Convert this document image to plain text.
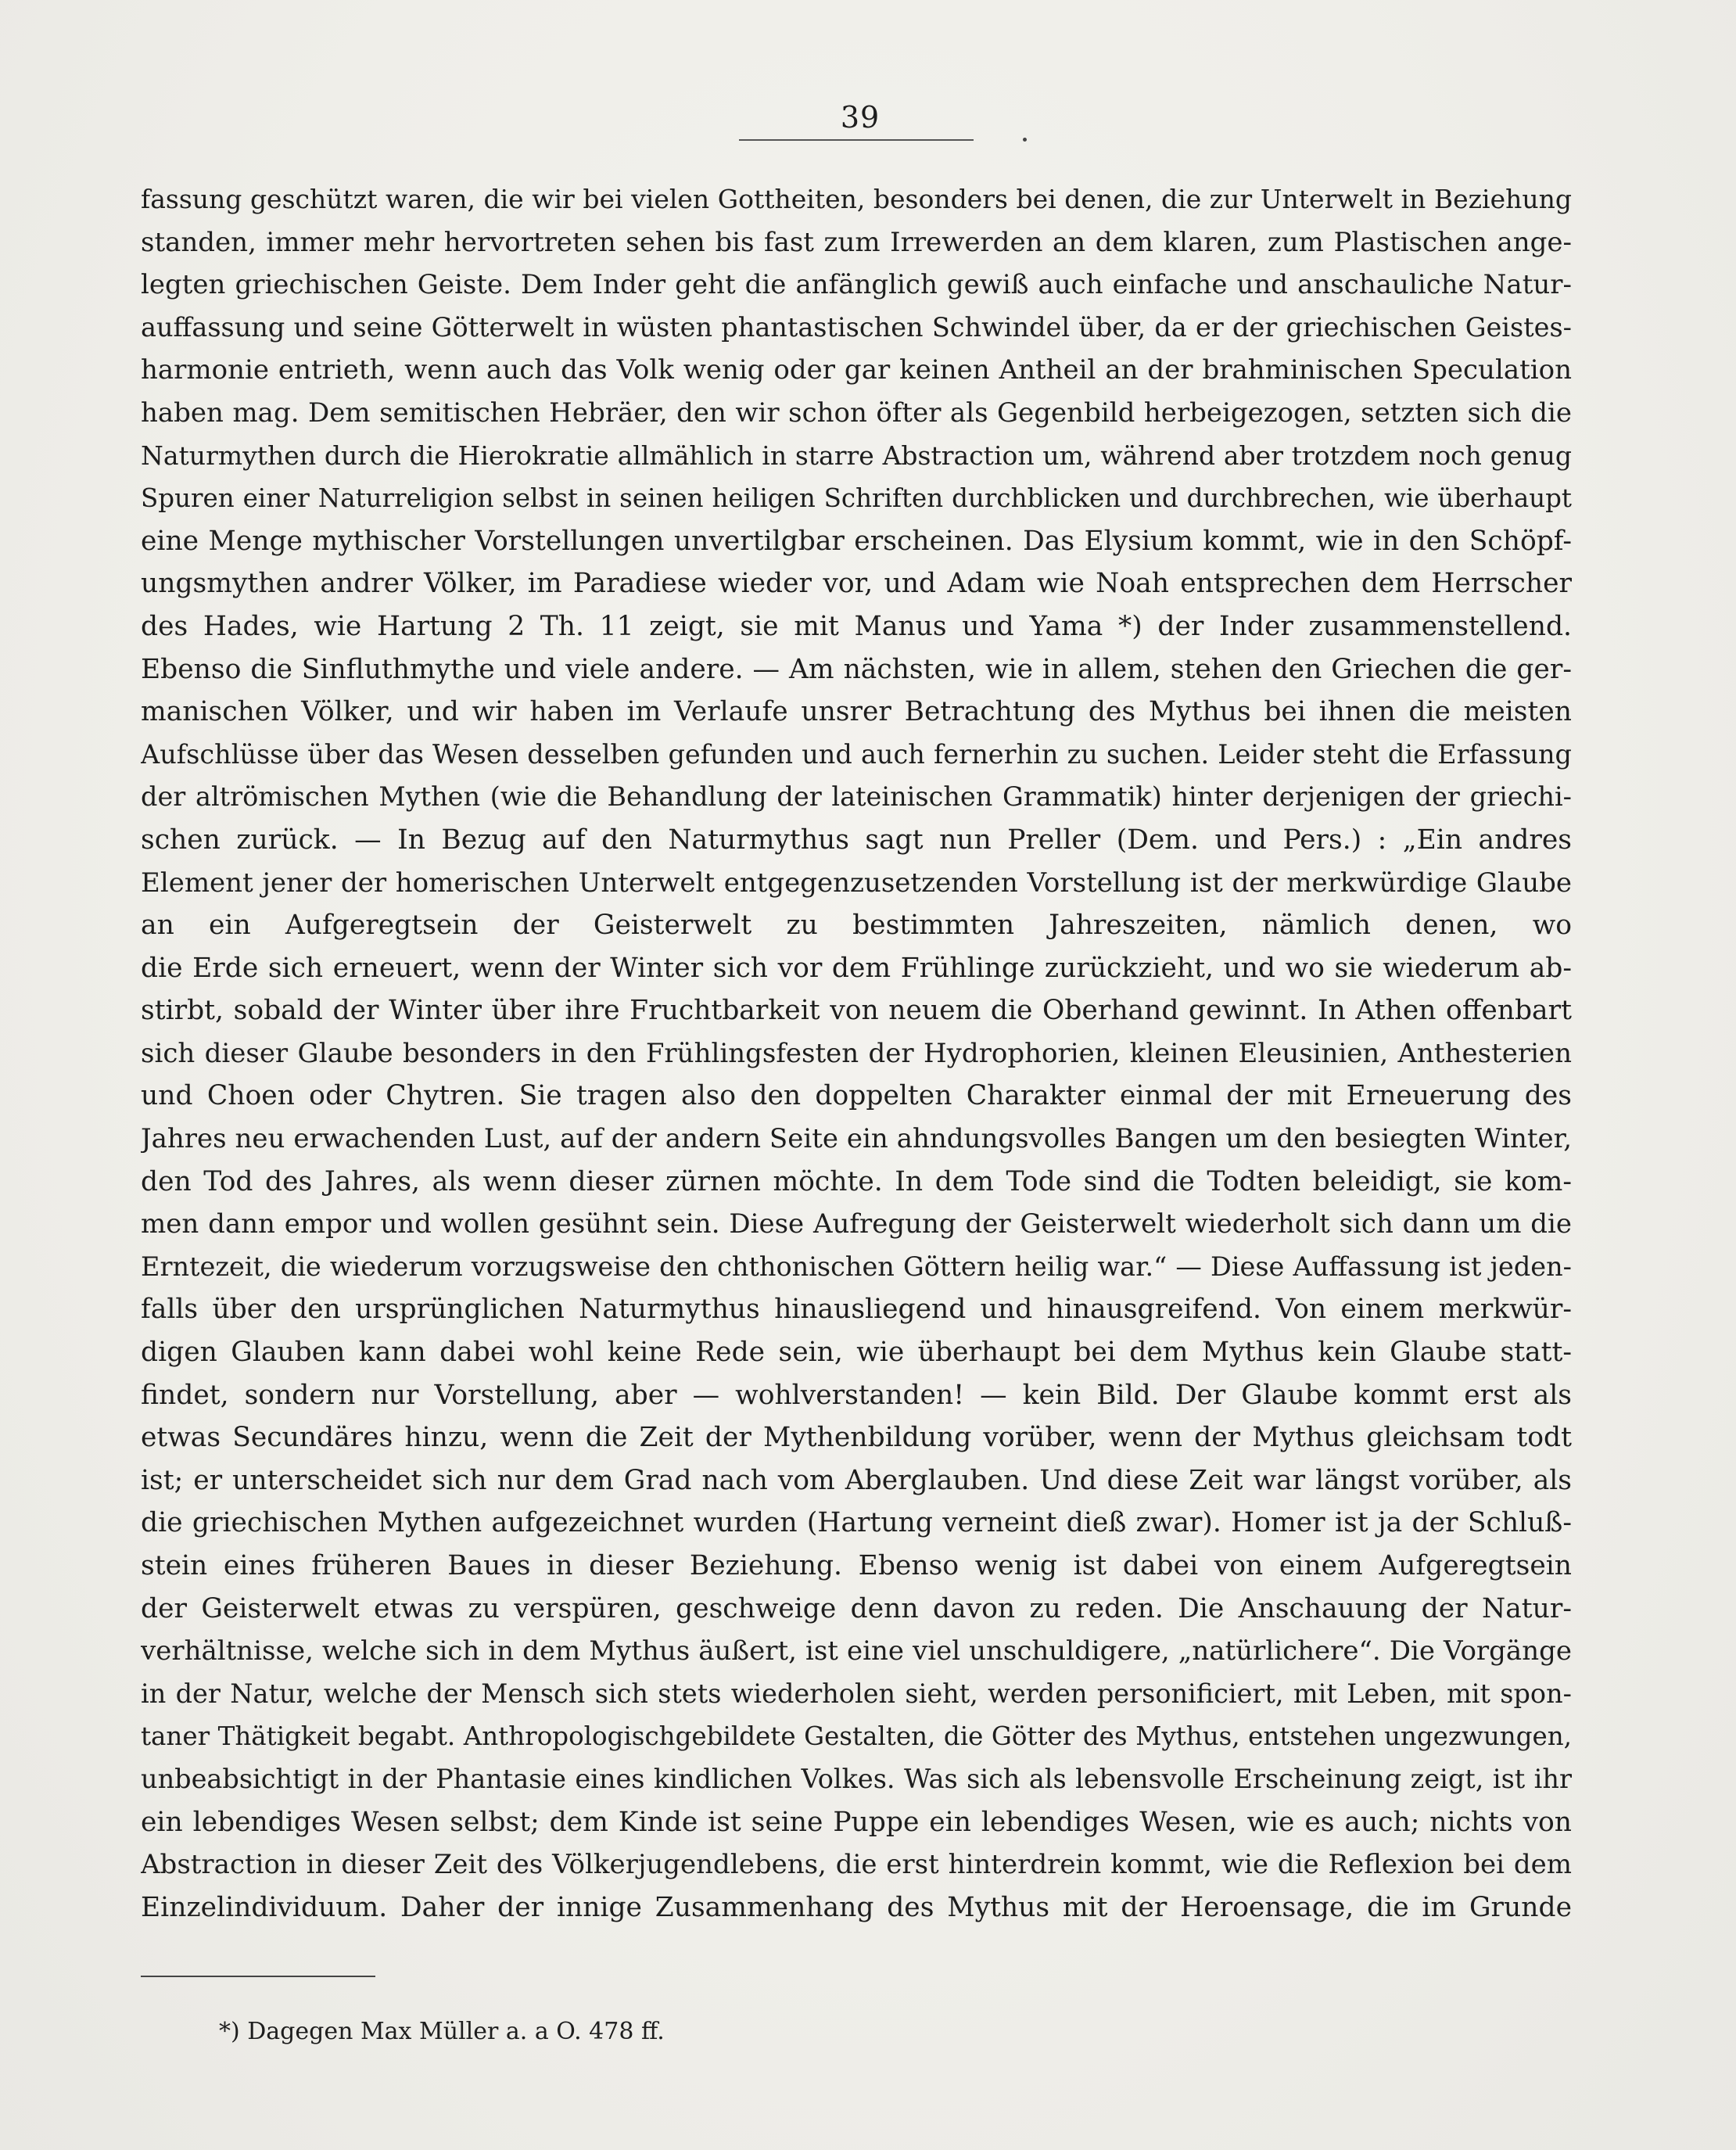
39
fassung geschützt waren, die wir bei vielen Gottheiten, besonders bei denen, die zur Unterwelt in Beziehung
standen, immer mehr hervortreten sehen bis fast zum Irrewerden an dem klaren, zum Plastischen ange-
legten griechischen Geiste. Dem Inder geht die anfänglich gewiß auch einfache und anschauliche Natur-
auffassung und seine Götterwelt in wüsten phantastischen Schwindel über, da er der griechischen Geistes-
harmonie entrieth, wenn auch das Volk wenig oder gar keinen Antheil an der brahminischen Speculation
haben mag. Dem semitischen Hebräer, den wir schon öfter als Gegenbild herbeigezogen, setzten sich die
Naturmythen durch die Hierokratie allmählich in starre Abstraction um, während aber trotzdem noch genug
Spuren einer Naturreligion selbst in seinen heiligen Schriften durchblicken und durchbrechen, wie überhaupt
eine Menge mythischer Vorstellungen unvertilgbar erscheinen. Das Elysium kommt, wie in den Schöpf-
ungsmythen andrer Völker, im Paradiese wieder vor, und Adam wie Noah entsprechen dem Herrscher
des Hades, wie Hartung 2 Th. 11 zeigt, sie mit Manus und Yama *) der Inder zusammenstellend.
Ebenso die Sinfluthmythe und viele andere. — Am nächsten, wie in allem, stehen den Griechen die ger-
manischen Völker, und wir haben im Verlaufe unsrer Betrachtung des Mythus bei ihnen die meisten
Aufschlüsse über das Wesen desselben gefunden und auch fernerhin zu suchen. Leider steht die Erfassung
der altrömischen Mythen (wie die Behandlung der lateinischen Grammatik) hinter derjenigen der griechi-
schen zurück. — In Bezug auf den Naturmythus sagt nun Preller (Dem. und Pers.) : „Ein andres
Element jener der homerischen Unterwelt entgegenzusetzenden Vorstellung ist der merkwürdige Glaube
an ein Aufgeregtsein der Geisterwelt zu bestimmten Jahreszeiten, nämlich denen, wo
die Erde sich erneuert, wenn der Winter sich vor dem Frühlinge zurückzieht, und wo sie wiederum ab-
stirbt, sobald der Winter über ihre Fruchtbarkeit von neuem die Oberhand gewinnt. In Athen offenbart
sich dieser Glaube besonders in den Frühlingsfesten der Hydrophorien, kleinen Eleusinien, Anthesterien
und Choen oder Chytren. Sie tragen also den doppelten Charakter einmal der mit Erneuerung des
Jahres neu erwachenden Lust, auf der andern Seite ein ahndungsvolles Bangen um den besiegten Winter,
den Tod des Jahres, als wenn dieser zürnen möchte. In dem Tode sind die Todten beleidigt, sie kom-
men dann empor und wollen gesühnt sein. Diese Aufregung der Geisterwelt wiederholt sich dann um die
Erntezeit, die wiederum vorzugsweise den chthonischen Göttern heilig war.“ — Diese Auffassung ist jeden-
falls über den ursprünglichen Naturmythus hinausliegend und hinausgreifend. Von einem merkwür-
digen Glauben kann dabei wohl keine Rede sein, wie überhaupt bei dem Mythus kein Glaube statt-
findet, sondern nur Vorstellung, aber — wohlverstanden! — kein Bild. Der Glaube kommt erst als
etwas Secundäres hinzu, wenn die Zeit der Mythenbildung vorüber, wenn der Mythus gleichsam todt
ist; er unterscheidet sich nur dem Grad nach vom Aberglauben. Und diese Zeit war längst vorüber, als
die griechischen Mythen aufgezeichnet wurden (Hartung verneint dieß zwar). Homer ist ja der Schluß-
stein eines früheren Baues in dieser Beziehung. Ebenso wenig ist dabei von einem Aufgeregtsein
der Geisterwelt etwas zu verspüren, geschweige denn davon zu reden. Die Anschauung der Natur-
verhältnisse, welche sich in dem Mythus äußert, ist eine viel unschuldigere, „natürlichere“. Die Vorgänge
in der Natur, welche der Mensch sich stets wiederholen sieht, werden personificiert, mit Leben, mit spon-
taner Thätigkeit begabt. Anthropologischgebildete Gestalten, die Götter des Mythus, entstehen ungezwungen,
unbeabsichtigt in der Phantasie eines kindlichen Volkes. Was sich als lebensvolle Erscheinung zeigt, ist ihr
ein lebendiges Wesen selbst; dem Kinde ist seine Puppe ein lebendiges Wesen, wie es auch; nichts von
Abstraction in dieser Zeit des Völkerjugendlebens, die erst hinterdrein kommt, wie die Reflexion bei dem
Einzelindividuum. Daher der innige Zusammenhang des Mythus mit der Heroensage, die im Grunde
*) Dagegen Max Müller a. a O. 478 ff.
